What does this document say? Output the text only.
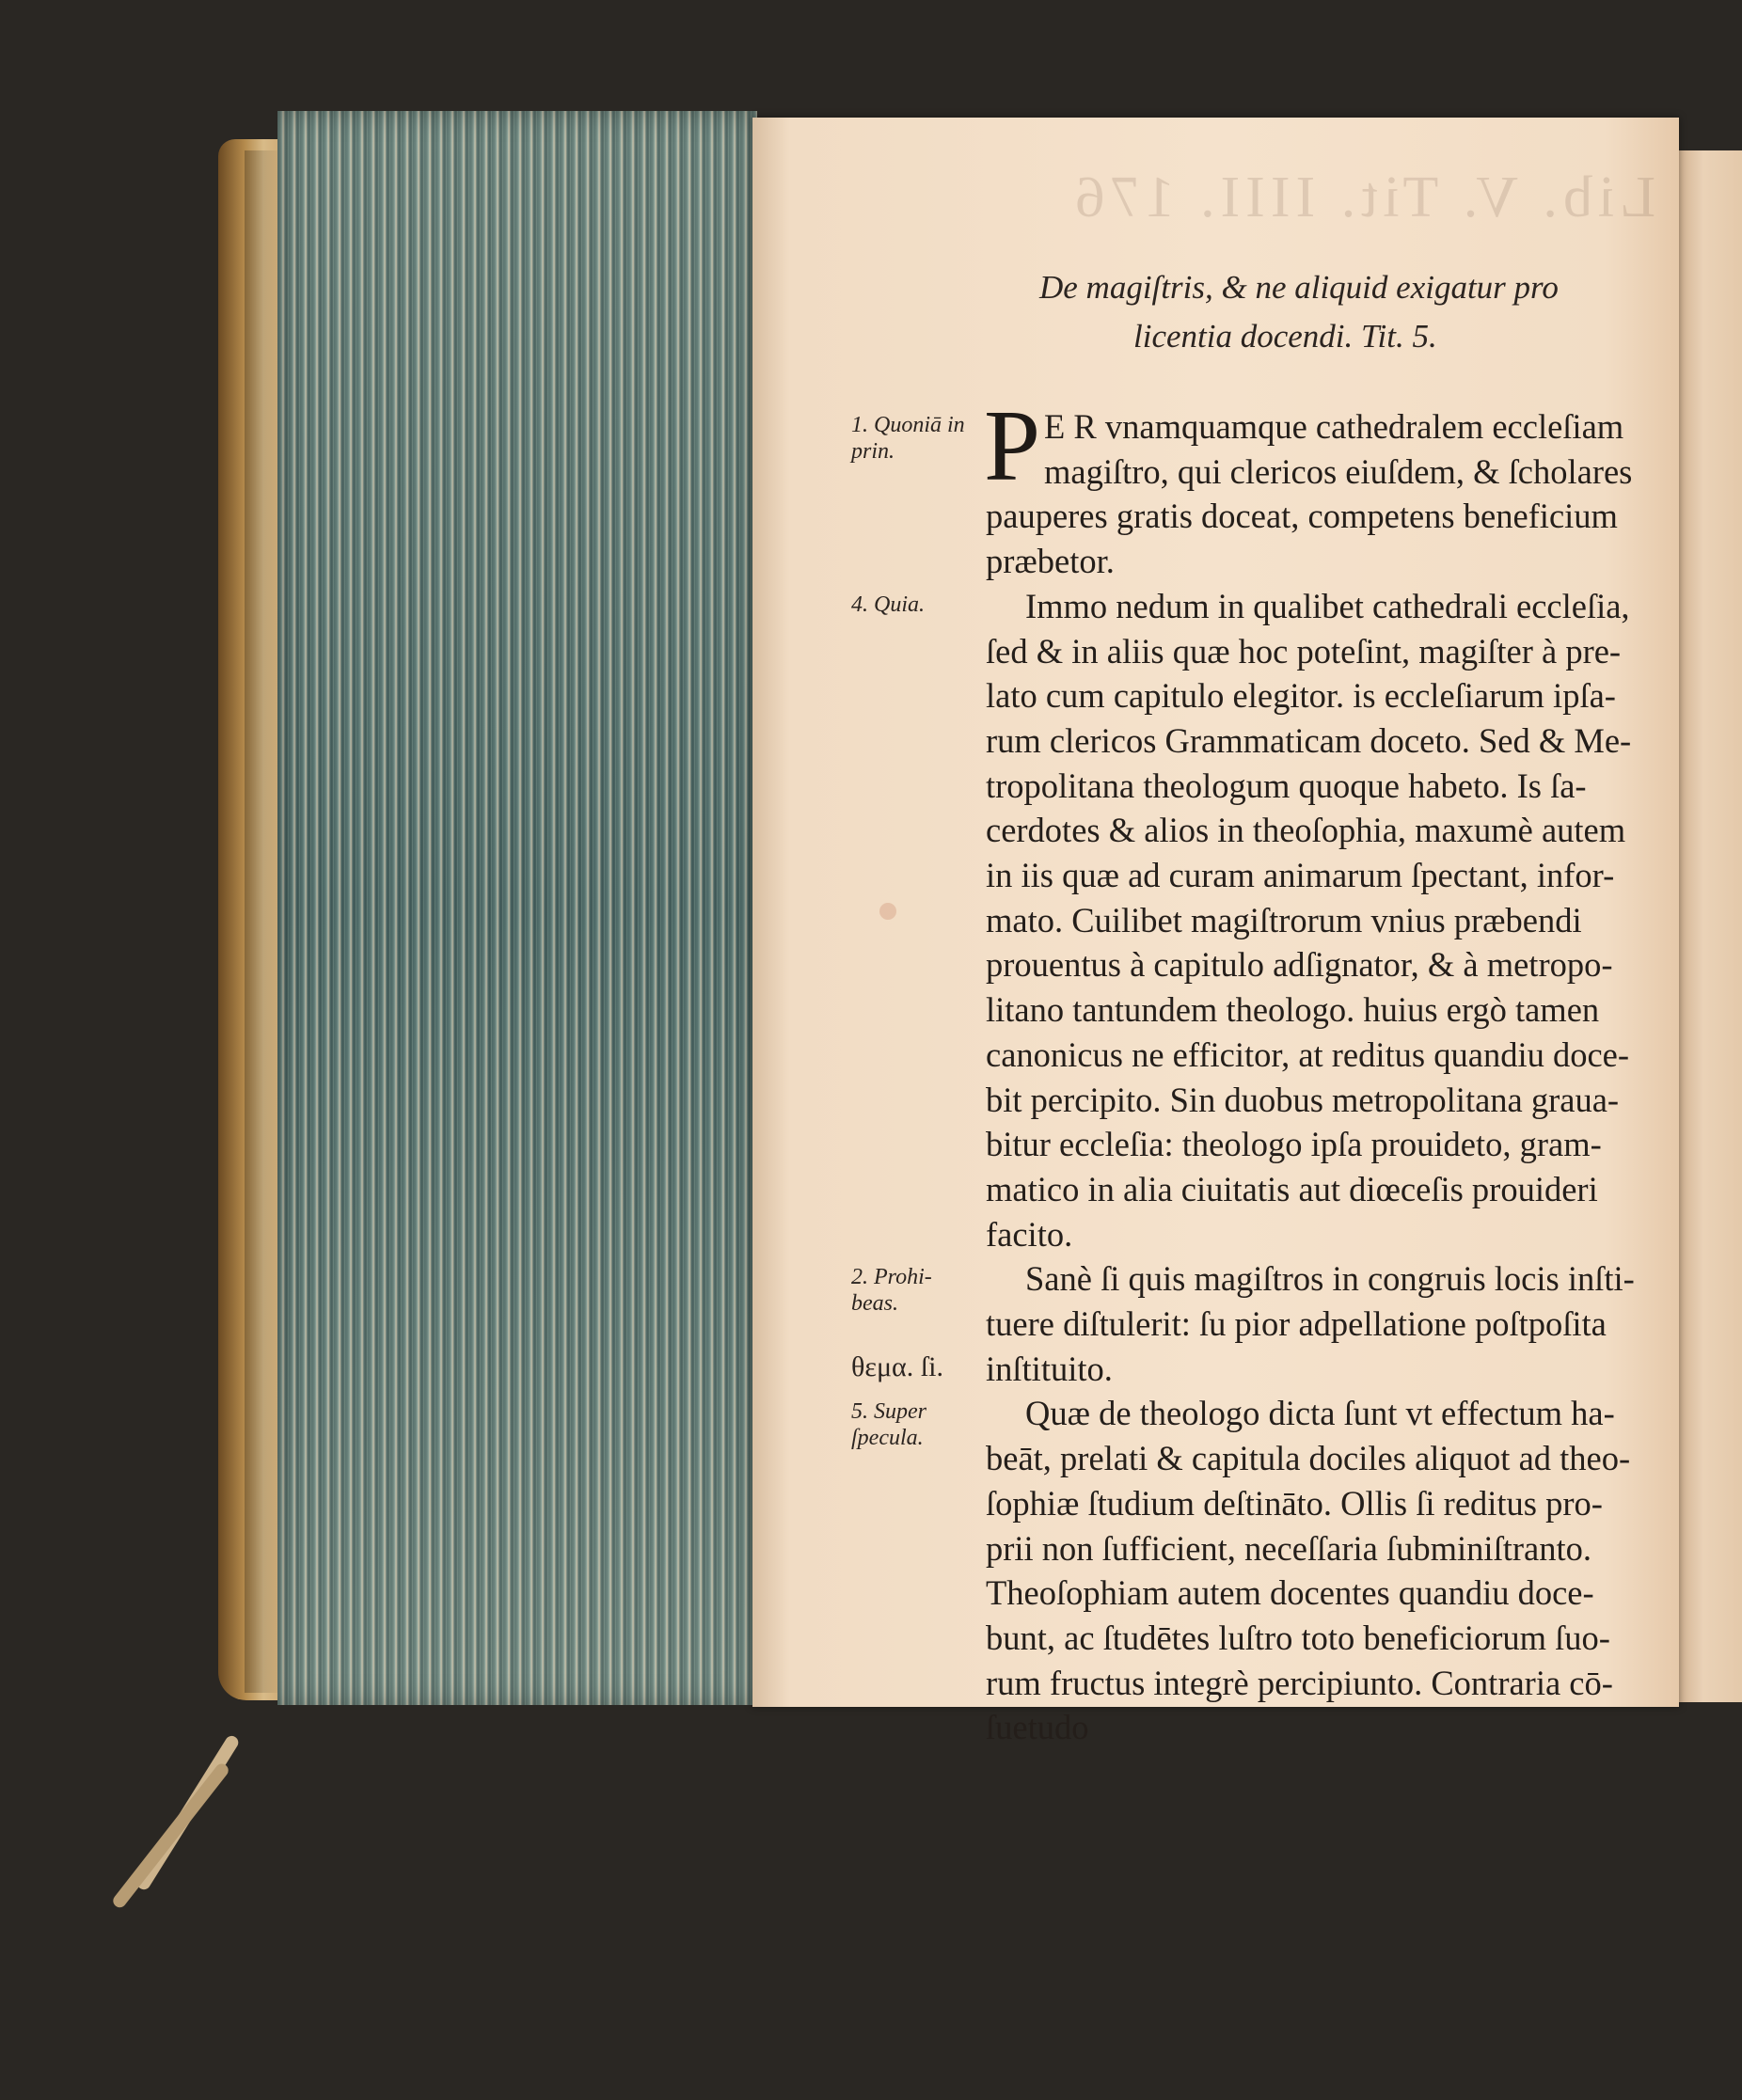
Lib. V. Tit. IIII. 176
De magiſtris, & ne aliquid exigatur pro
licentia docendi. Tit. 5.
P E R vnamquamque cathedralem eccleſiam
magiſtro, qui clericos eiuſdem, & ſcholares
pauperes gratis doceat, competens beneficium
præbetor.
Immo nedum in qualibet cathedrali eccleſia,
ſed & in aliis quæ hoc poteſint, magiſter à pre-
lato cum capitulo elegitor. is eccleſiarum ipſa-
rum clericos Grammaticam doceto. Sed & Me-
tropolitana theologum quoque habeto. Is ſa-
cerdotes & alios in theoſophia, maxumè autem
in iis quæ ad curam animarum ſpectant, infor-
mato. Cuilibet magiſtrorum vnius præbendi
prouentus à capitulo adſignator, & à metropo-
litano tantundem theologo. huius ergò tamen
canonicus ne efficitor, at reditus quandiu doce-
bit percipito. Sin duobus metropolitana graua-
bitur eccleſia: theologo ipſa prouideto, gram-
matico in alia ciuitatis aut diœceſis prouideri
facito.
Sanè ſi quis magiſtros in congruis locis inſti-
tuere diſtulerit: ſu pior adpellatione poſtpoſita
inſtituito.
Quæ de theologo dicta ſunt vt effectum ha-
beāt, prelati & capitula dociles aliquot ad theo-
ſophiæ ſtudium deſtināto. Ollis ſi reditus pro-
prii non ſufficient, neceſſaria ſubminiſtranto.
Theoſophiam autem docentes quandiu doce-
bunt, ac ſtudētes luſtro toto beneficiorum ſuo-
rum fructus integrè percipiunto. Contraria cō-
ſuetudo
1. Quoniā in prin.
4. Quia.
2. Prohi- beas.
θεμα. ſi.
5. Super ſpecula.
